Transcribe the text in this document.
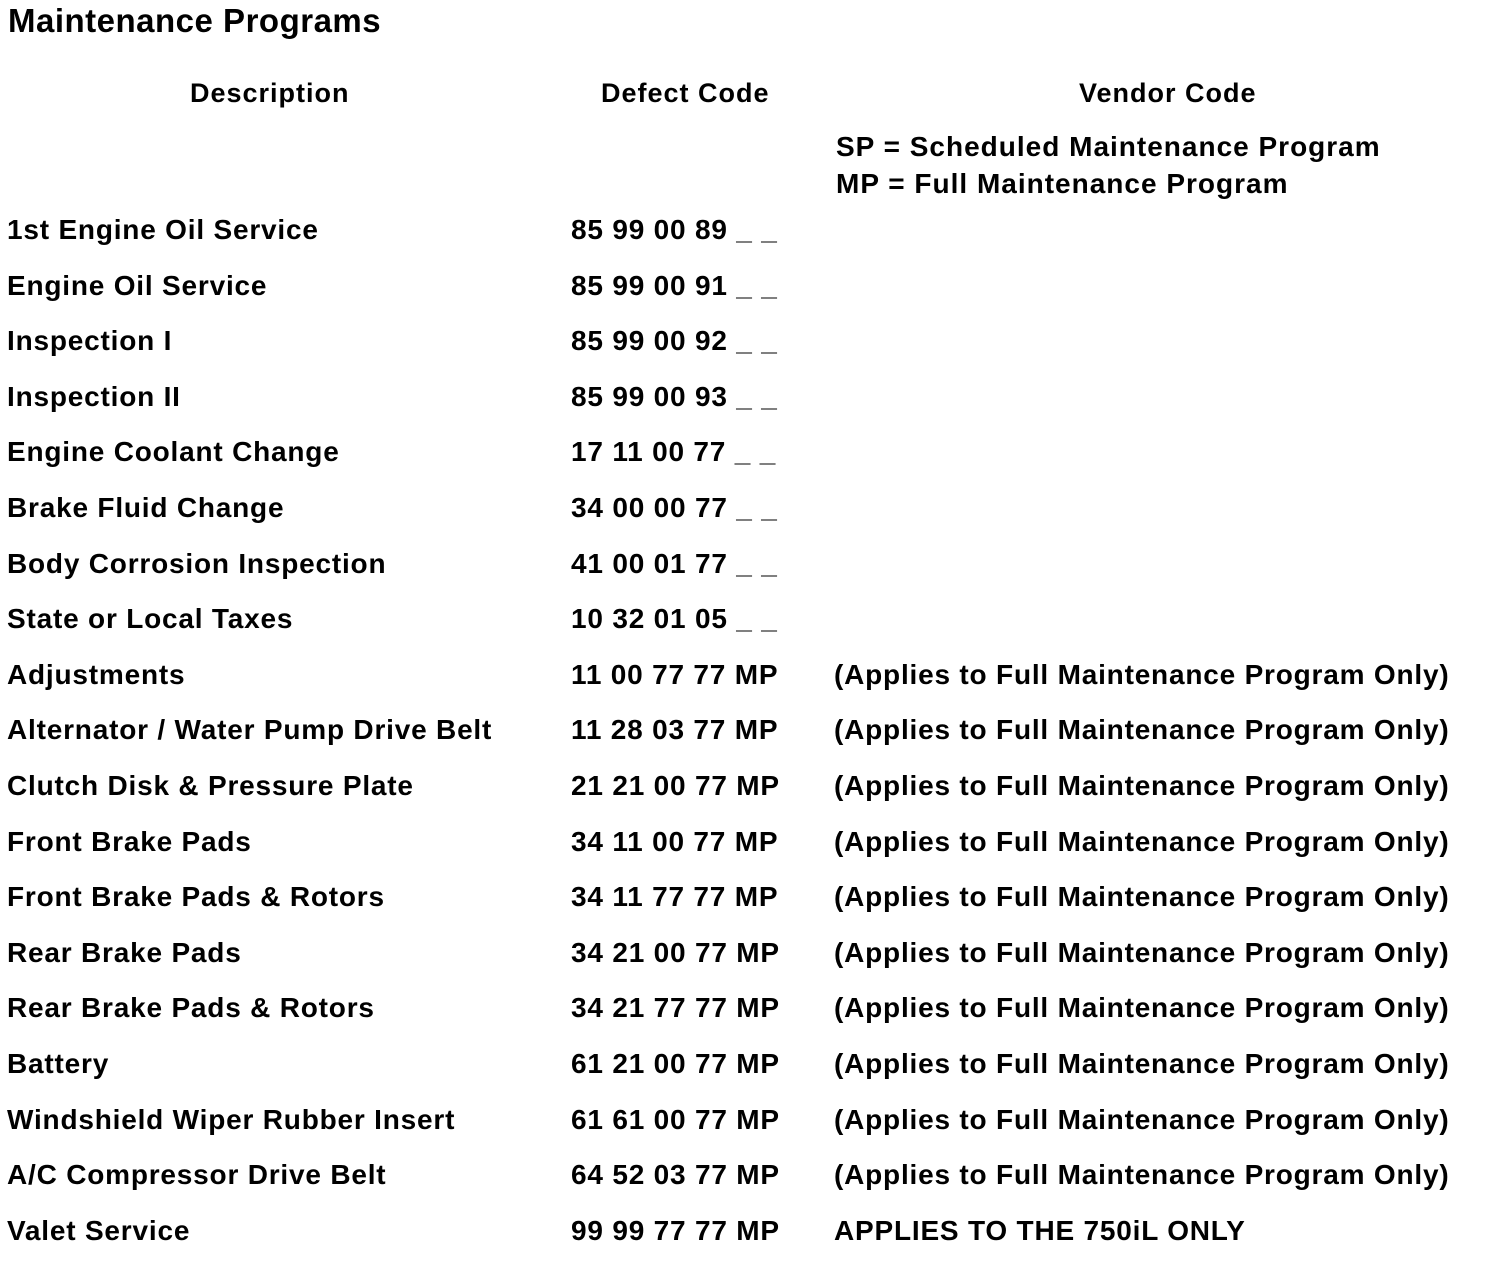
Maintenance Programs
Description	Defect Code	Vendor Code
SP = Scheduled Maintenance Program
MP = Full Maintenance Program
1st Engine Oil Service	85 99 00 89 _ _
Engine Oil Service	85 99 00 91 _ _
Inspection I	85 99 00 92 _ _
Inspection II	85 99 00 93 _ _
Engine Coolant Change	17 11 00 77 _ _
Brake Fluid Change	34 00 00 77 _ _
Body Corrosion Inspection	41 00 01 77 _ _
State or Local Taxes	10 32 01 05 _ _
Adjustments	11 00 77 77 MP (Applies to Full Maintenance Program Only)
Alternator / Water Pump Drive Belt	11 28 03 77 MP (Applies to Full Maintenance Program Only)
Clutch Disk & Pressure Plate	21 21 00 77 MP (Applies to Full Maintenance Program Only)
Front Brake Pads	34 11 00 77 MP (Applies to Full Maintenance Program Only)
Front Brake Pads & Rotors	34 11 77 77 MP (Applies to Full Maintenance Program Only)
Rear Brake Pads	34 21 00 77 MP (Applies to Full Maintenance Program Only)
Rear Brake Pads & Rotors	34 21 77 77 MP (Applies to Full Maintenance Program Only)
Battery	61 21 00 77 MP (Applies to Full Maintenance Program Only)
Windshield Wiper Rubber Insert	61 61 00 77 MP (Applies to Full Maintenance Program Only)
A/C Compressor Drive Belt	64 52 03 77 MP (Applies to Full Maintenance Program Only)
Valet Service	99 99 77 77 MP APPLIES TO THE 750iL ONLY
